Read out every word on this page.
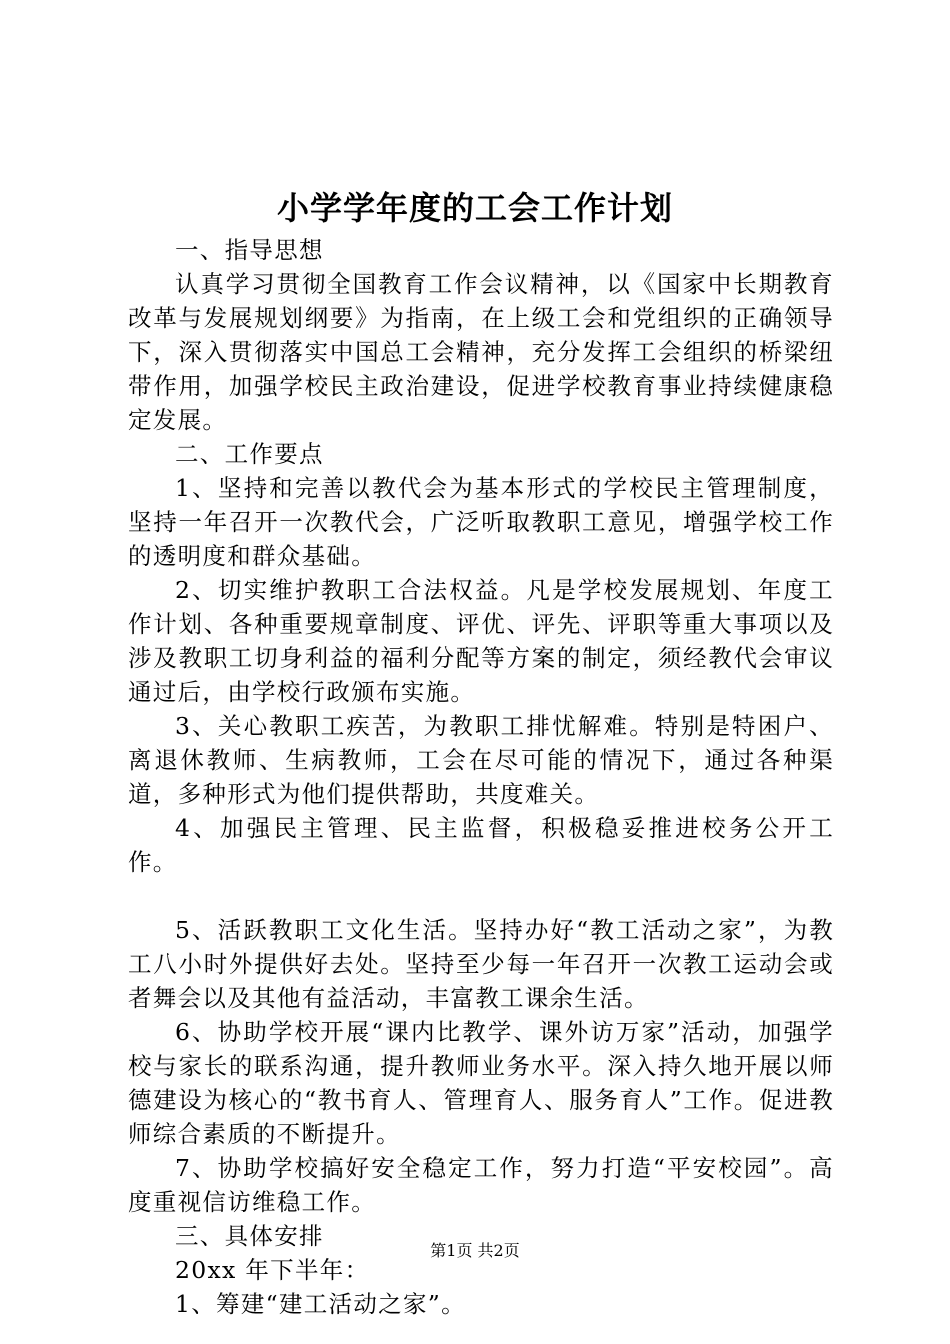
小学学年度的工会工作计划

一、指导思想

认真学习贯彻全国教育工作会议精神，以《国家中长期教育改革与发展规划纲要》为指南，在上级工会和党组织的正确领导下，深入贯彻落实中国总工会精神，充分发挥工会组织的桥梁纽带作用，加强学校民主政治建设，促进学校教育事业持续健康稳定发展。

二、工作要点

1、坚持和完善以教代会为基本形式的学校民主管理制度，坚持一年召开一次教代会，广泛听取教职工意见，增强学校工作的透明度和群众基础。

2、切实维护教职工合法权益。凡是学校发展规划、年度工作计划、各种重要规章制度、评优、评先、评职等重大事项以及涉及教职工切身利益的福利分配等方案的制定，须经教代会审议通过后，由学校行政颁布实施。

3、关心教职工疾苦，为教职工排忧解难。特别是特困户、离退休教师、生病教师，工会在尽可能的情况下，通过各种渠道，多种形式为他们提供帮助，共度难关。

4、加强民主管理、民主监督，积极稳妥推进校务公开工作。

5、活跃教职工文化生活。坚持办好“教工活动之家”，为教工八小时外提供好去处。坚持至少每一年召开一次教工运动会或者舞会以及其他有益活动，丰富教工课余生活。

6、协助学校开展“课内比教学、课外访万家”活动，加强学校与家长的联系沟通，提升教师业务水平。深入持久地开展以师德建设为核心的“教书育人、管理育人、服务育人”工作。促进教师综合素质的不断提升。

7、协助学校搞好安全稳定工作，努力打造“平安校园”。高度重视信访维稳工作。

三、具体安排

20xx 年下半年：

1、筹建“建工活动之家”。

第1页 共2页
